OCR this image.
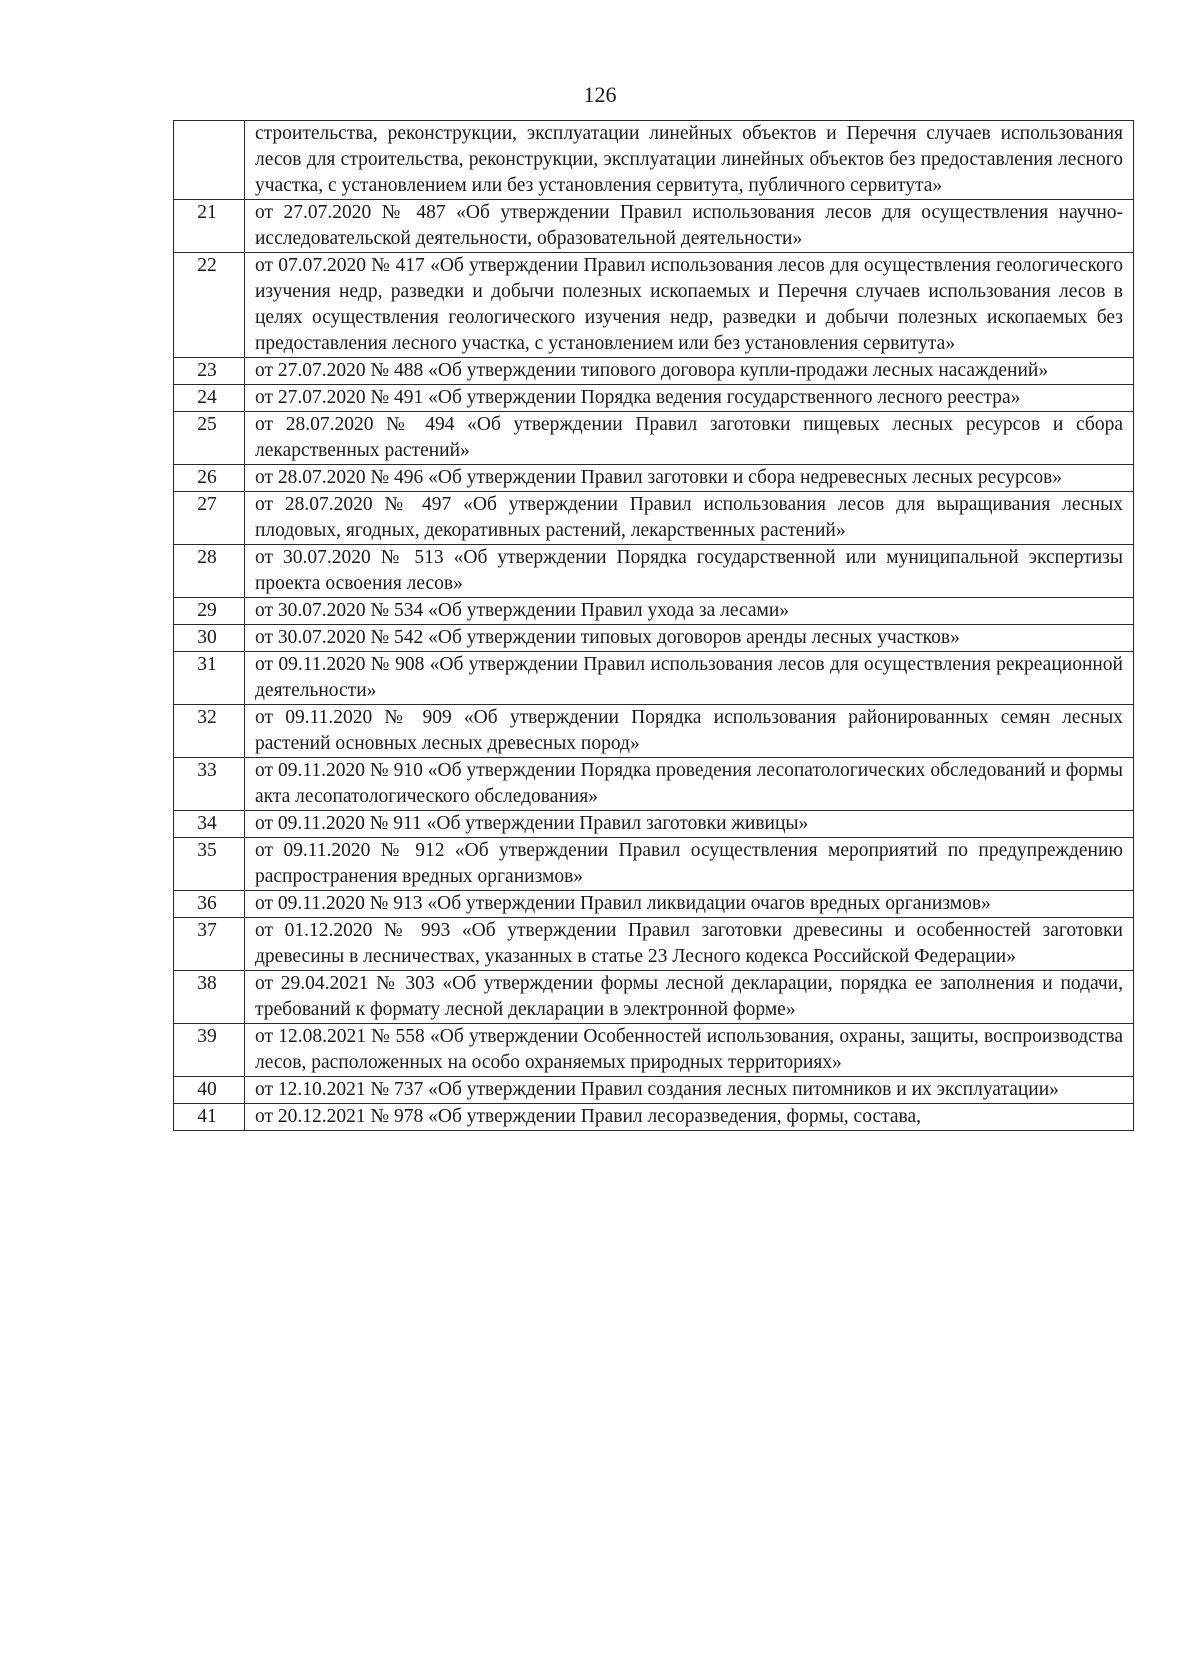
126
	строительства, реконструкции, эксплуатации линейных объектов и Перечня случаев использования лесов для строительства, реконструкции, эксплуатации линейных объектов без предоставления лесного участка, с установлением или без установления сервитута, публичного сервитута»
21	от 27.07.2020 № 487 «Об утверждении Правил использования лесов для осуществления научно-исследовательской деятельности, образовательной деятельности»
22	от 07.07.2020 № 417 «Об утверждении Правил использования лесов для осуществления геологического изучения недр, разведки и добычи полезных ископаемых и Перечня случаев использования лесов в целях осуществления геологического изучения недр, разведки и добычи полезных ископаемых без предоставления лесного участка, с установлением или без установления сервитута»
23	от 27.07.2020 № 488 «Об утверждении типового договора купли-продажи лесных насаждений»
24	от 27.07.2020 № 491 «Об утверждении Порядка ведения государственного лесного реестра»
25	от 28.07.2020 № 494 «Об утверждении Правил заготовки пищевых лесных ресурсов и сбора лекарственных растений»
26	от 28.07.2020 № 496 «Об утверждении Правил заготовки и сбора недревесных лесных ресурсов»
27	от 28.07.2020 № 497 «Об утверждении Правил использования лесов для выращивания лесных плодовых, ягодных, декоративных растений, лекарственных растений»
28	от 30.07.2020 № 513 «Об утверждении Порядка государственной или муниципальной экспертизы проекта освоения лесов»
29	от 30.07.2020 № 534 «Об утверждении Правил ухода за лесами»
30	от 30.07.2020 № 542 «Об утверждении типовых договоров аренды лесных участков»
31	от 09.11.2020 № 908 «Об утверждении Правил использования лесов для осуществления рекреационной деятельности»
32	от 09.11.2020 № 909 «Об утверждении Порядка использования районированных семян лесных растений основных лесных древесных пород»
33	от 09.11.2020 № 910 «Об утверждении Порядка проведения лесопатологических обследований и формы акта лесопатологического обследования»
34	от 09.11.2020 № 911 «Об утверждении Правил заготовки живицы»
35	от 09.11.2020 № 912 «Об утверждении Правил осуществления мероприятий по предупреждению распространения вредных организмов»
36	от 09.11.2020 № 913 «Об утверждении Правил ликвидации очагов вредных организмов»
37	от 01.12.2020 № 993 «Об утверждении Правил заготовки древесины и особенностей заготовки древесины в лесничествах, указанных в статье 23 Лесного кодекса Российской Федерации»
38	от 29.04.2021 № 303 «Об утверждении формы лесной декларации, порядка ее заполнения и подачи, требований к формату лесной декларации в электронной форме»
39	от 12.08.2021 № 558 «Об утверждении Особенностей использования, охраны, защиты, воспроизводства лесов, расположенных на особо охраняемых природных территориях»
40	от 12.10.2021 № 737 «Об утверждении Правил создания лесных питомников и их эксплуатации»
41	от 20.12.2021 № 978 «Об утверждении Правил лесоразведения, формы, состава,
